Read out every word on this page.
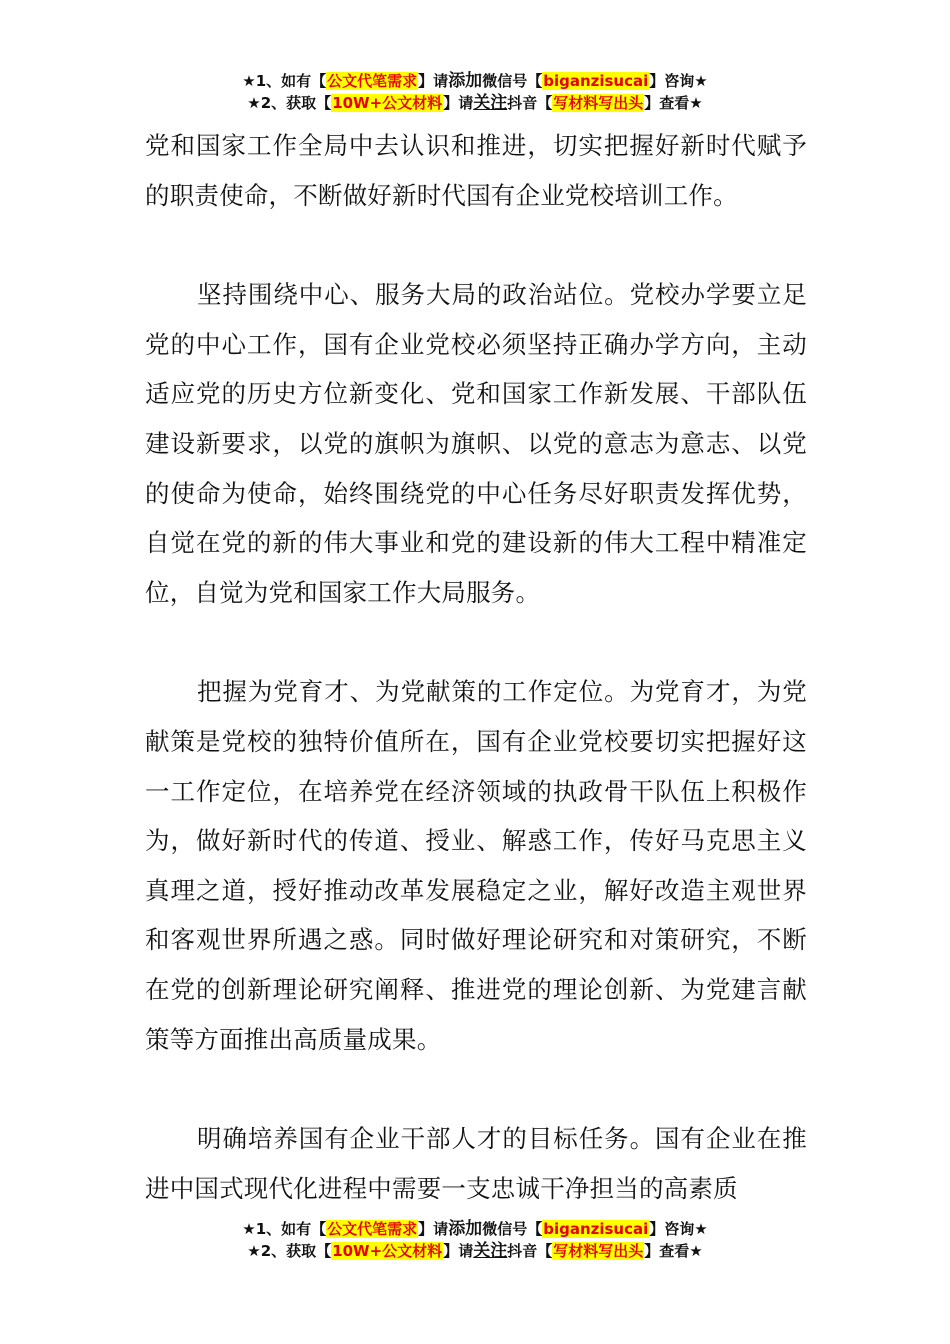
★1、如有【公文代笔需求】请添加微信号【biganzisucai】咨询★
★2、获取【10W+公文材料】请关注抖音【写材料写出头】查看★

党和国家工作全局中去认识和推进，切实把握好新时代赋予的职责使命，不断做好新时代国有企业党校培训工作。

坚持围绕中心、服务大局的政治站位。党校办学要立足党的中心工作，国有企业党校必须坚持正确办学方向，主动适应党的历史方位新变化、党和国家工作新发展、干部队伍建设新要求，以党的旗帜为旗帜、以党的意志为意志、以党的使命为使命，始终围绕党的中心任务尽好职责发挥优势，自觉在党的新的伟大事业和党的建设新的伟大工程中精准定位，自觉为党和国家工作大局服务。

把握为党育才、为党献策的工作定位。为党育才，为党献策是党校的独特价值所在，国有企业党校要切实把握好这一工作定位，在培养党在经济领域的执政骨干队伍上积极作为，做好新时代的传道、授业、解惑工作，传好马克思主义真理之道，授好推动改革发展稳定之业，解好改造主观世界和客观世界所遇之惑。同时做好理论研究和对策研究，不断在党的创新理论研究阐释、推进党的理论创新、为党建言献策等方面推出高质量成果。

明确培养国有企业干部人才的目标任务。国有企业在推进中国式现代化进程中需要一支忠诚干净担当的高素质

★1、如有【公文代笔需求】请添加微信号【biganzisucai】咨询★
★2、获取【10W+公文材料】请关注抖音【写材料写出头】查看★
